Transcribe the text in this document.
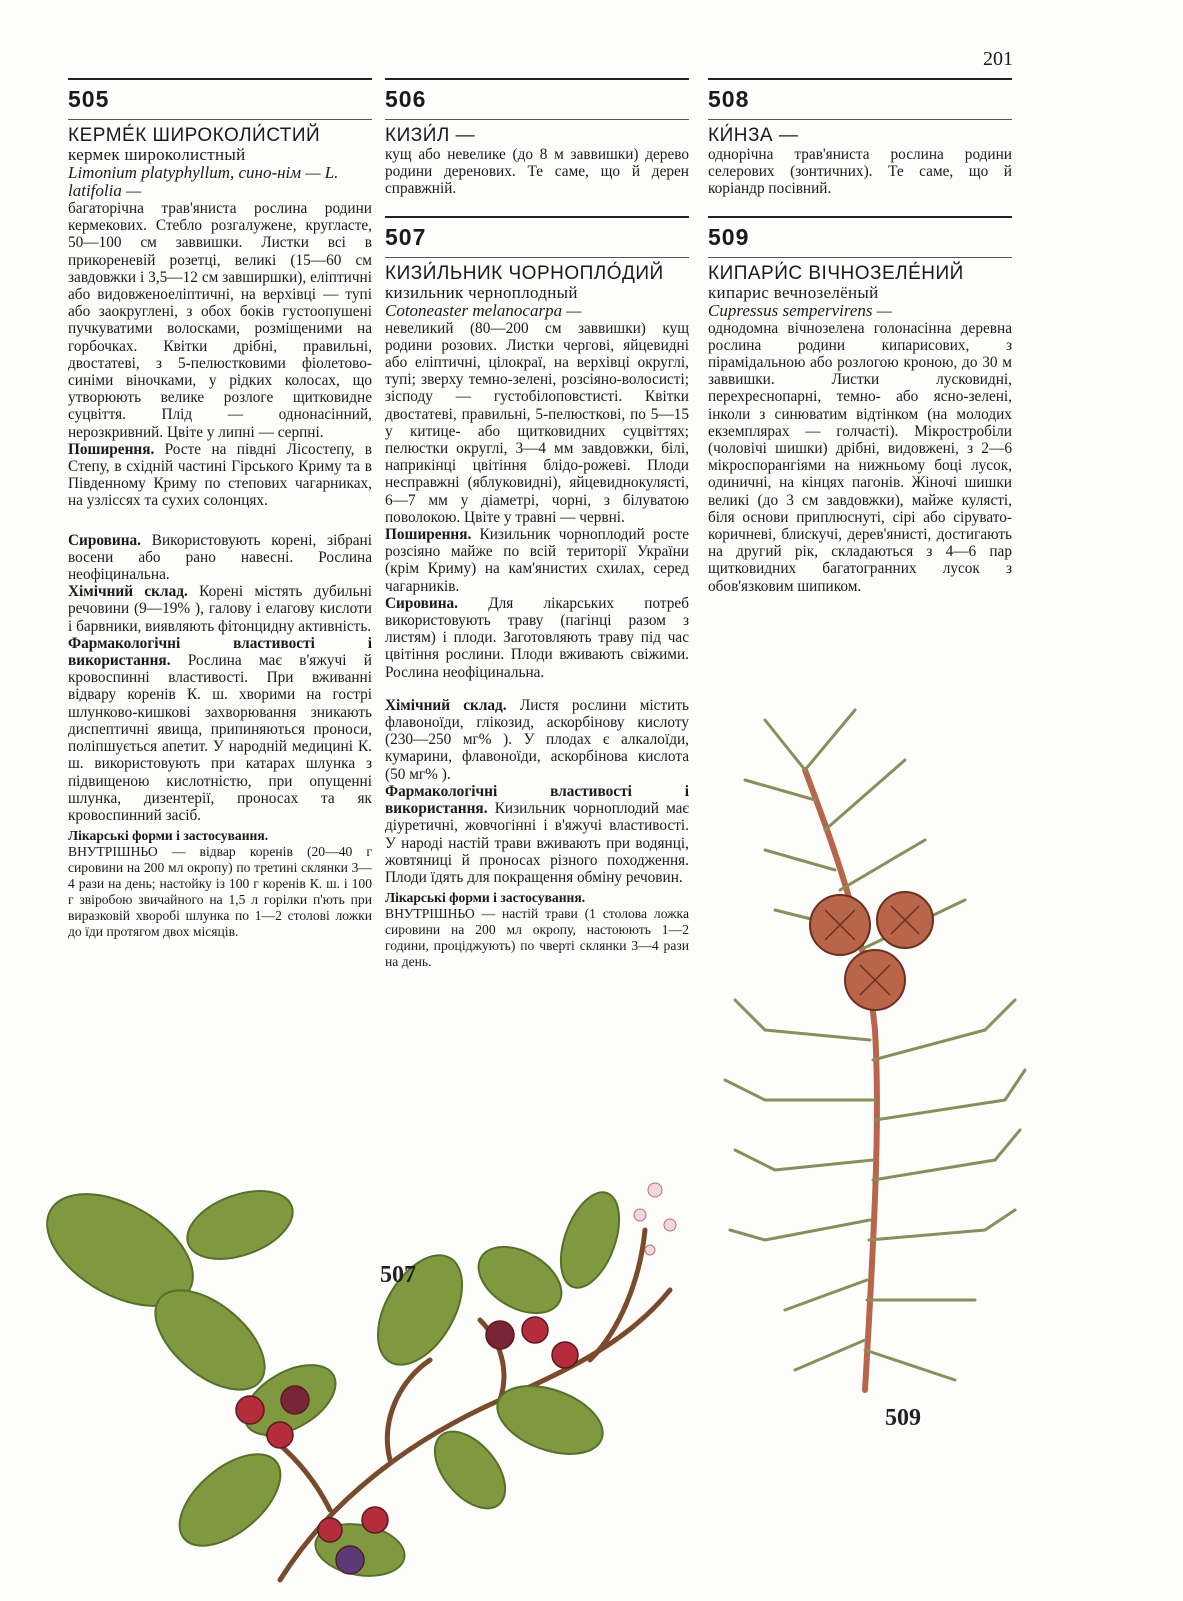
201
505
КЕРМЕ́К ШИРОКОЛИ́СТИЙ
кермек широколистный
Limonium platyphyllum, сино-нім — L. latifolia —

багаторічна трав'яниста рослина родини кермекових. Стебло розгалужене, кругласте, 50—100 см заввишки. Листки всі в прикореневій розетці, великі (15—60 см завдовжки і 3,5—12 см завширшки), еліптичні або видовженоеліптичні, на верхівці — тупі або заокруглені, з обох боків густоопушені пучкуватими волосками, розміщеними на горбочках. Квітки дрібні, правильні, двостатеві, з 5-пелюстковими фіолетово-синіми віночками, у рідких колосах, що утворюють велике розлоге щитковидне суцвіття. Плід — однонасінний, нерозкривний. Цвіте у липні — серпні.

Поширення. Росте на півдні Лісостепу, в Степу, в східній частині Гірського Криму та в Південному Криму по степових чагарниках, на узліссях та сухих солонцях.

Сировина. Використовують корені, зібрані восени або рано навесні. Рослина неофіцинальна.

Хімічний склад. Корені містять дубильні речовини (9—19% ), галову і елагову кислоти і барвники, виявляють фітонцидну активність.

Фармакологічні властивості і використання. Рослина має в'яжучі й кровоспинні властивості. При вживанні відвару коренів К. ш. хворими на гострі шлунково-кишкові захворювання зникають диспептичні явища, припиняються проноси, поліпшується апетит. У народній медицині К. ш. використовують при катарах шлунка з підвищеною кислотністю, при опущенні шлунка, дизентерії, проносах та як кровоспинний засіб.

Лікарські форми і застосування.
ВНУТРІШНЬО — відвар коренів (20—40 г сировини на 200 мл окропу) по третині склянки 3—4 рази на день; настойку із 100 г коренів К. ш. і 100 г звіробою звичайного на 1,5 л горілки п'ють при виразковій хворобі шлунка по 1—2 столові ложки до їди протягом двох місяців.
506
КИЗИ́Л —
кущ або невелике (до 8 м заввишки) дерево родини деренових. Те саме, що й дерен справжній.
507
КИЗИ́ЛЬНИК ЧОРНОПЛО́ДИЙ
кизильник черноплодный
Cotoneaster melanocarpa —

невеликий (80—200 см заввишки) кущ родини розових. Листки чергові, яйцевидні або еліптичні, цілокраї, на верхівці округлі, тупі; зверху темно-зелені, розсіяно-волосисті; зісподу — густобілоповстисті. Квітки двостатеві, правильні, 5-пелюсткові, по 5—15 у китице- або щитковидних суцвіттях; пелюстки округлі, 3—4 мм завдовжки, білі, наприкінці цвітіння блідо-рожеві. Плоди несправжні (яблуковидні), яйцевиднокулясті, 6—7 мм у діаметрі, чорні, з білуватою поволокою. Цвіте у травні — червні.

Поширення. Кизильник чорноплодий росте розсіяно майже по всій території України (крім Криму) на кам'янистих схилах, серед чагарників.

Сировина. Для лікарських потреб використовують траву (пагінці разом з листям) і плоди. Заготовляють траву під час цвітіння рослини. Плоди вживають свіжими. Рослина неофіцинальна.

Хімічний склад. Листя рослини містить флавоноїди, глікозид, аскорбінову кислоту (230—250 мг% ). У плодах є алкалоїди, кумарини, флавоноїди, аскорбінова кислота (50 мг% ).

Фармакологічні властивості і використання. Кизильник чорноплодий має діуретичні, жовчогінні і в'яжучі властивості. У народі настій трави вживають при водянці, жовтяниці й проносах різного походження. Плоди їдять для покращення обміну речовин.

Лікарські форми і застосування.
ВНУТРІШНЬО — настій трави (1 столова ложка сировини на 200 мл окропу, настоюють 1—2 години, проціджують) по чверті склянки 3—4 рази на день.
508
КИ́НЗА —
однорічна трав'яниста рослина родини селерових (зонтичних). Те саме, що й коріандр посівний.
509
КИПАРИ́С ВІЧНОЗЕЛЕ́НИЙ
кипарис вечнозелёный
Cupressus sempervirens —
однодомна вічнозелена голонасінна деревна рослина родини кипарисових, з пірамідальною або розлогою кроною, до 30 м заввишки. Листки лусковидні, перехреснопарні, темно- або ясно-зелені, інколи з синюватим відтінком (на молодих екземплярах — голчасті). Мікростробіли (чоловічі шишки) дрібні, видовжені, з 2—6 мікроспорангіями на нижньому боці лусок, одиничні, на кінцях пагонів. Жіночі шишки великі (до 3 см завдовжки), майже кулясті, біля основи приплюснуті, сірі або сірувато-коричневі, блискучі, дерев'янисті, достигають на другий рік, складаються з 4—6 пар щитковидних багатогранних лусок з обов'язковим шипиком.
507
509
